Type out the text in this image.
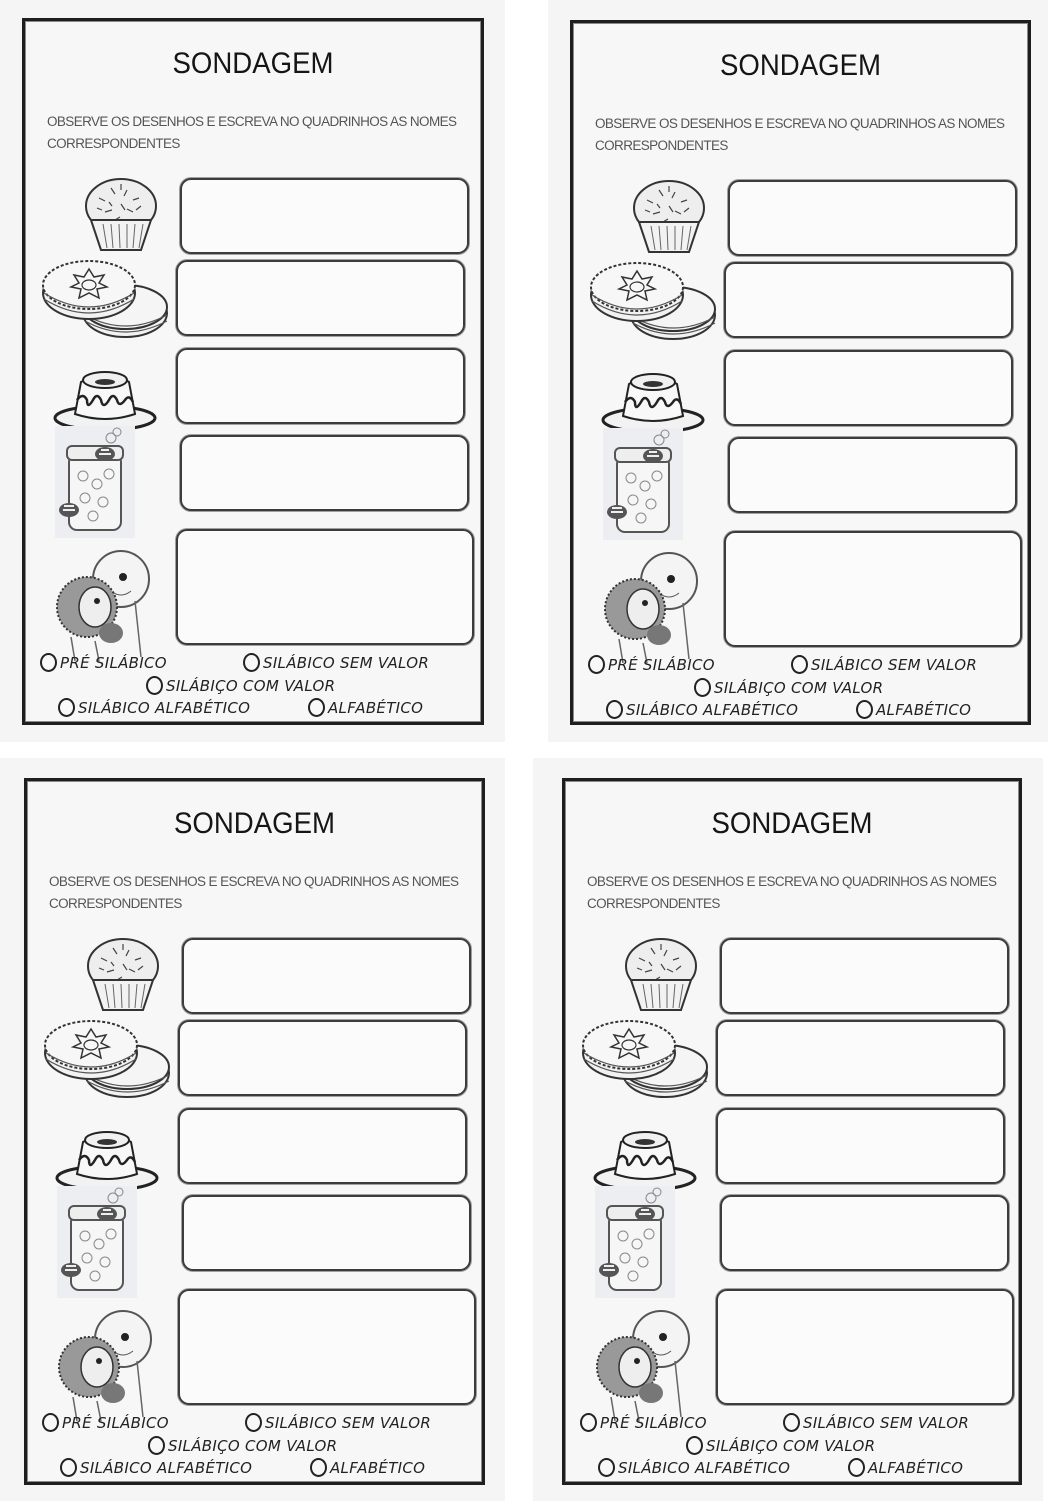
SONDAGEM
OBSERVE OS DESENHOS E ESCREVA NO QUADRINHOS AS NOMES CORRESPONDENTES
PRÉ SILÁBICO	SILÁBICO SEM VALOR
SILÁBIÇO COM VALOR
SILÁBICO ALFABÉTICO	ALFABÉTICO
SONDAGEM
OBSERVE OS DESENHOS E ESCREVA NO QUADRINHOS AS NOMES CORRESPONDENTES
PRÉ SILÁBICO	SILÁBICO SEM VALOR
SILÁBIÇO COM VALOR
SILÁBICO ALFABÉTICO	ALFABÉTICO
SONDAGEM
OBSERVE OS DESENHOS E ESCREVA NO QUADRINHOS AS NOMES CORRESPONDENTES
PRÉ SILÁBICO	SILÁBICO SEM VALOR
SILÁBIÇO COM VALOR
SILÁBICO ALFABÉTICO	ALFABÉTICO
SONDAGEM
OBSERVE OS DESENHOS E ESCREVA NO QUADRINHOS AS NOMES CORRESPONDENTES
PRÉ SILÁBICO	SILÁBICO SEM VALOR
SILÁBIÇO COM VALOR
SILÁBICO ALFABÉTICO	ALFABÉTICO
